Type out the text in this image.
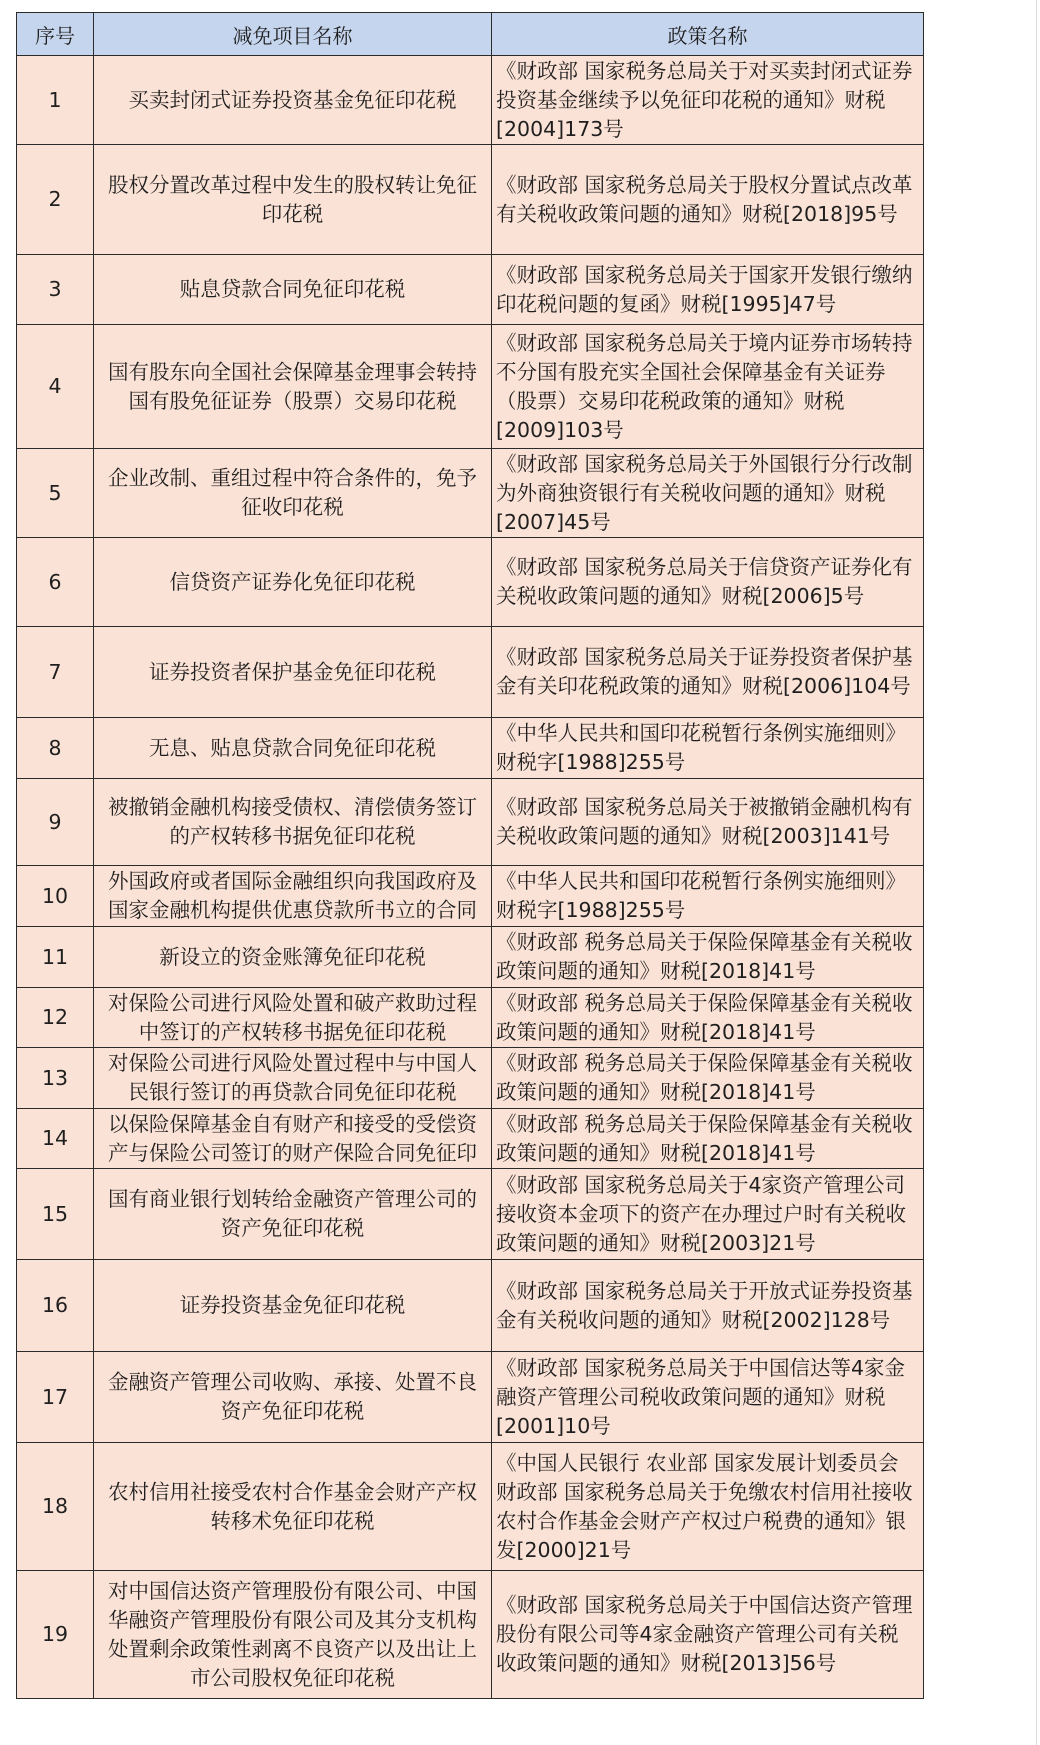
序号	减免项目名称	政策名称
1	买卖封闭式证券投资基金免征印花税	《财政部 国家税务总局关于对买卖封闭式证券投资基金继续予以免征印花税的通知》财税[2004]173号
2	股权分置改革过程中发生的股权转让免征印花税	《财政部 国家税务总局关于股权分置试点改革有关税收政策问题的通知》财税[2018]95号
3	贴息贷款合同免征印花税	《财政部 国家税务总局关于国家开发银行缴纳印花税问题的复函》财税[1995]47号
4	国有股东向全国社会保障基金理事会转持国有股免征证券（股票）交易印花税	《财政部 国家税务总局关于境内证券市场转持不分国有股充实全国社会保障基金有关证券（股票）交易印花税政策的通知》财税[2009]103号
5	企业改制、重组过程中符合条件的，免予征收印花税	《财政部 国家税务总局关于外国银行分行改制为外商独资银行有关税收问题的通知》财税[2007]45号
6	信贷资产证券化免征印花税	《财政部 国家税务总局关于信贷资产证券化有关税收政策问题的通知》财税[2006]5号
7	证券投资者保护基金免征印花税	《财政部 国家税务总局关于证券投资者保护基金有关印花税政策的通知》财税[2006]104号
8	无息、贴息贷款合同免征印花税	《中华人民共和国印花税暂行条例实施细则》财税字[1988]255号
9	被撤销金融机构接受债权、清偿债务签订的产权转移书据免征印花税	《财政部 国家税务总局关于被撤销金融机构有关税收政策问题的通知》财税[2003]141号
10	外国政府或者国际金融组织向我国政府及国家金融机构提供优惠贷款所书立的合同	《中华人民共和国印花税暂行条例实施细则》财税字[1988]255号
11	新设立的资金账簿免征印花税	《财政部 税务总局关于保险保障基金有关税收政策问题的通知》财税[2018]41号
12	对保险公司进行风险处置和破产救助过程中签订的产权转移书据免征印花税	《财政部 税务总局关于保险保障基金有关税收政策问题的通知》财税[2018]41号
13	对保险公司进行风险处置过程中与中国人民银行签订的再贷款合同免征印花税	《财政部 税务总局关于保险保障基金有关税收政策问题的通知》财税[2018]41号
14	以保险保障基金自有财产和接受的受偿资产与保险公司签订的财产保险合同免征印	《财政部 税务总局关于保险保障基金有关税收政策问题的通知》财税[2018]41号
15	国有商业银行划转给金融资产管理公司的资产免征印花税	《财政部 国家税务总局关于4家资产管理公司接收资本金项下的资产在办理过户时有关税收政策问题的通知》财税[2003]21号
16	证券投资基金免征印花税	《财政部 国家税务总局关于开放式证券投资基金有关税收问题的通知》财税[2002]128号
17	金融资产管理公司收购、承接、处置不良资产免征印花税	《财政部 国家税务总局关于中国信达等4家金融资产管理公司税收政策问题的通知》财税[2001]10号
18	农村信用社接受农村合作基金会财产产权转移术免征印花税	《中国人民银行 农业部 国家发展计划委员会 财政部 国家税务总局关于免缴农村信用社接收农村合作基金会财产产权过户税费的通知》银发[2000]21号
19	对中国信达资产管理股份有限公司、中国华融资产管理股份有限公司及其分支机构处置剩余政策性剥离不良资产以及出让上市公司股权免征印花税	《财政部 国家税务总局关于中国信达资产管理股份有限公司等4家金融资产管理公司有关税收政策问题的通知》财税[2013]56号
